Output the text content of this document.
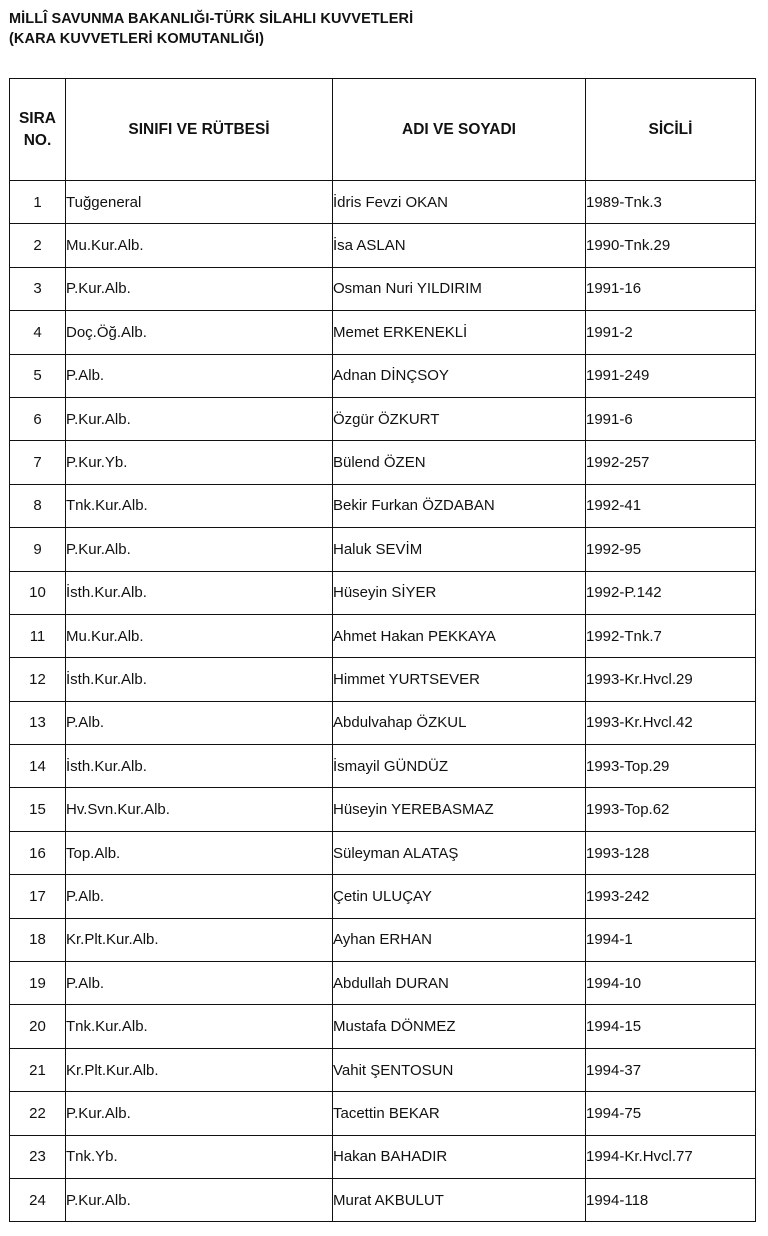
MİLLÎ SAVUNMA BAKANLIĞI-TÜRK SİLAHLI KUVVETLERİ
(KARA KUVVETLERİ KOMUTANLIĞI)
SIRA
NO.	SINIFI VE RÜTBESİ	ADI VE SOYADI	SİCİLİ
1	Tuğgeneral	İdris Fevzi OKAN	1989-Tnk.3
2	Mu.Kur.Alb.	İsa ASLAN	1990-Tnk.29
3	P.Kur.Alb.	Osman Nuri YILDIRIM	1991-16
4	Doç.Öğ.Alb.	Memet ERKENEKLİ	1991-2
5	P.Alb.	Adnan DİNÇSOY	1991-249
6	P.Kur.Alb.	Özgür ÖZKURT	1991-6
7	P.Kur.Yb.	Bülend ÖZEN	1992-257
8	Tnk.Kur.Alb.	Bekir Furkan ÖZDABAN	1992-41
9	P.Kur.Alb.	Haluk SEVİM	1992-95
10	İsth.Kur.Alb.	Hüseyin SİYER	1992-P.142
11	Mu.Kur.Alb.	Ahmet Hakan PEKKAYA	1992-Tnk.7
12	İsth.Kur.Alb.	Himmet YURTSEVER	1993-Kr.Hvcl.29
13	P.Alb.	Abdulvahap ÖZKUL	1993-Kr.Hvcl.42
14	İsth.Kur.Alb.	İsmayil GÜNDÜZ	1993-Top.29
15	Hv.Svn.Kur.Alb.	Hüseyin YEREBASMAZ	1993-Top.62
16	Top.Alb.	Süleyman ALATAŞ	1993-128
17	P.Alb.	Çetin ULUÇAY	1993-242
18	Kr.Plt.Kur.Alb.	Ayhan ERHAN	1994-1
19	P.Alb.	Abdullah DURAN	1994-10
20	Tnk.Kur.Alb.	Mustafa DÖNMEZ	1994-15
21	Kr.Plt.Kur.Alb.	Vahit ŞENTOSUN	1994-37
22	P.Kur.Alb.	Tacettin BEKAR	1994-75
23	Tnk.Yb.	Hakan BAHADIR	1994-Kr.Hvcl.77
24	P.Kur.Alb.	Murat AKBULUT	1994-118
